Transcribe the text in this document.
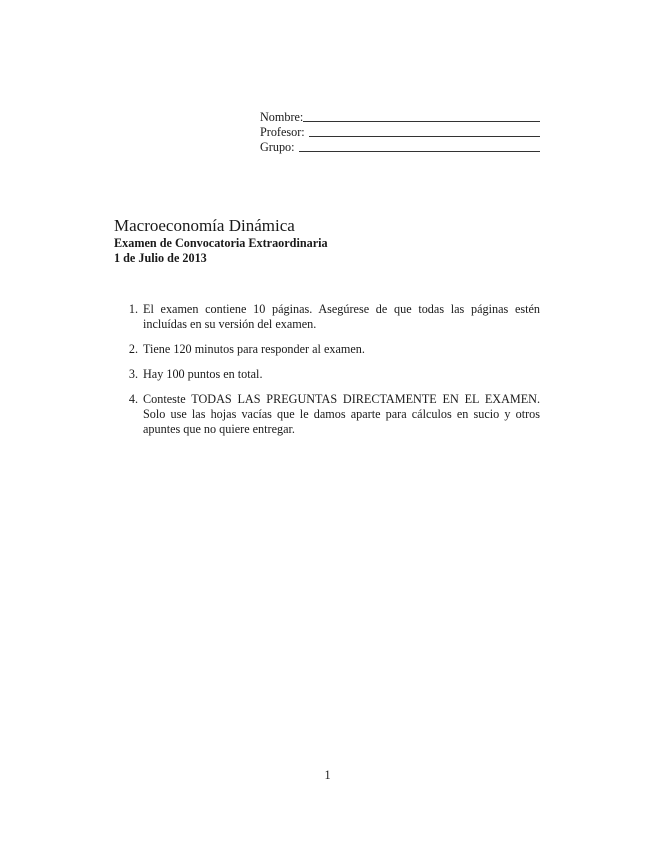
Nombre:
Profesor:
Grupo:
Macroeconomía Dinámica
Examen de Convocatoria Extraordinaria
1 de Julio de 2013
1. El examen contiene 10 páginas. Asegúrese de que todas las páginas estén incluídas en su versión del examen.
2. Tiene 120 minutos para responder al examen.
3. Hay 100 puntos en total.
4. Conteste TODAS LAS PREGUNTAS DIRECTAMENTE EN EL EXAMEN. Solo use las hojas vacías que le damos aparte para cálculos en sucio y otros apuntes que no quiere entregar.
1
